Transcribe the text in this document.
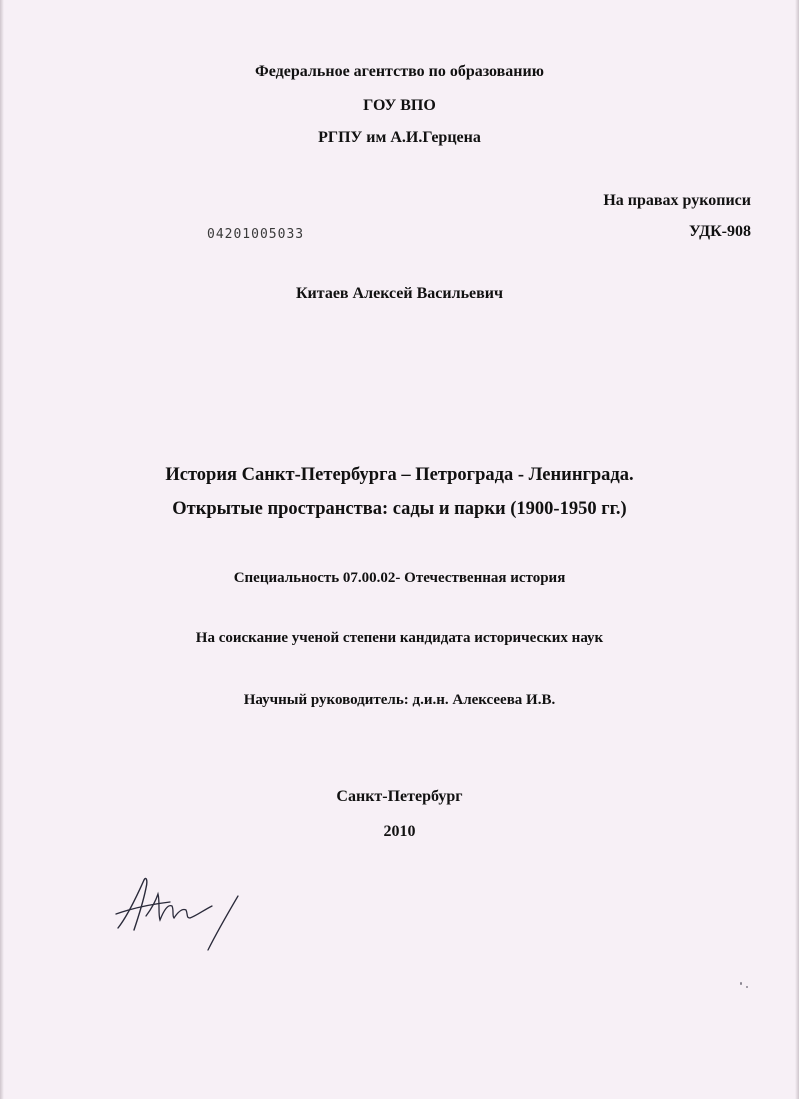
Федеральное агентство по образованию
ГОУ ВПО
РГПУ им А.И.Герцена
На правах рукописи
УДК-908
04201005033
Китаев Алексей Васильевич
История Санкт-Петербурга – Петрограда - Ленинграда.
Открытые пространства: сады и парки (1900-1950 гг.)
Специальность 07.00.02- Отечественная история
На соискание ученой степени кандидата исторических наук
Научный руководитель: д.и.н. Алексеева И.В.
Санкт-Петербург
2010
